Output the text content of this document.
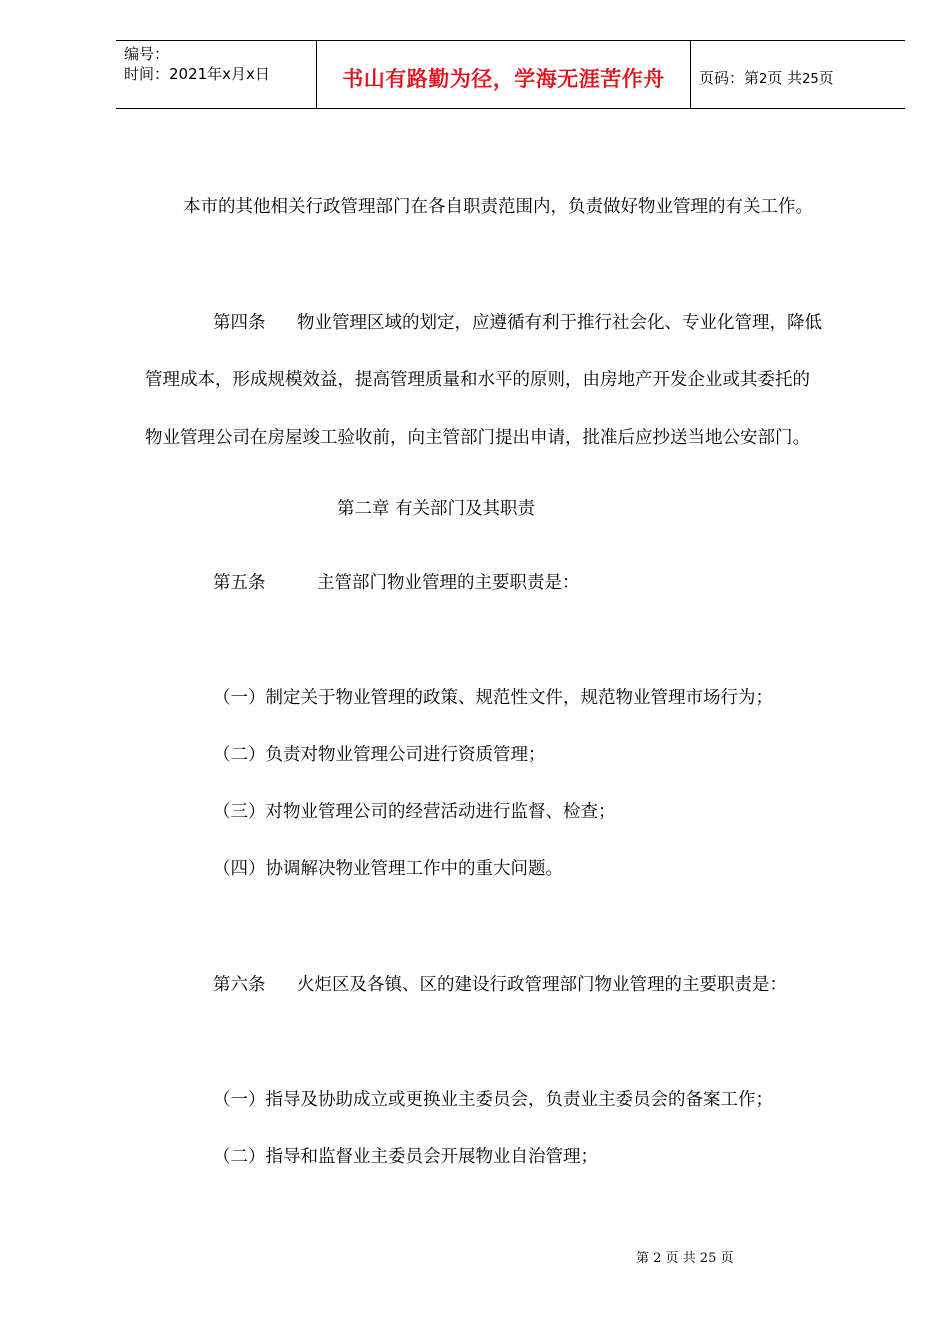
编号：
时间：2021年x月x日	书山有路勤为径，学海无涯苦作舟	页码：第2页 共25页
本市的其他相关行政管理部门在各自职责范围内，负责做好物业管理的有关工作。
第四条 物业管理区域的划定，应遵循有利于推行社会化、专业化管理，降低
管理成本，形成规模效益，提高管理质量和水平的原则，由房地产开发企业或其委托的
物业管理公司在房屋竣工验收前，向主管部门提出申请，批准后应抄送当地公安部门。
第二章 有关部门及其职责
第五条	主管部门物业管理的主要职责是：
（一）制定关于物业管理的政策、规范性文件，规范物业管理市场行为；
（二）负责对物业管理公司进行资质管理；
（三）对物业管理公司的经营活动进行监督、检查；
（四）协调解决物业管理工作中的重大问题。
第六条 火炬区及各镇、区的建设行政管理部门物业管理的主要职责是：
（一）指导及协助成立或更换业主委员会，负责业主委员会的备案工作；
（二）指导和监督业主委员会开展物业自治管理；
第 2 页 共 25 页
